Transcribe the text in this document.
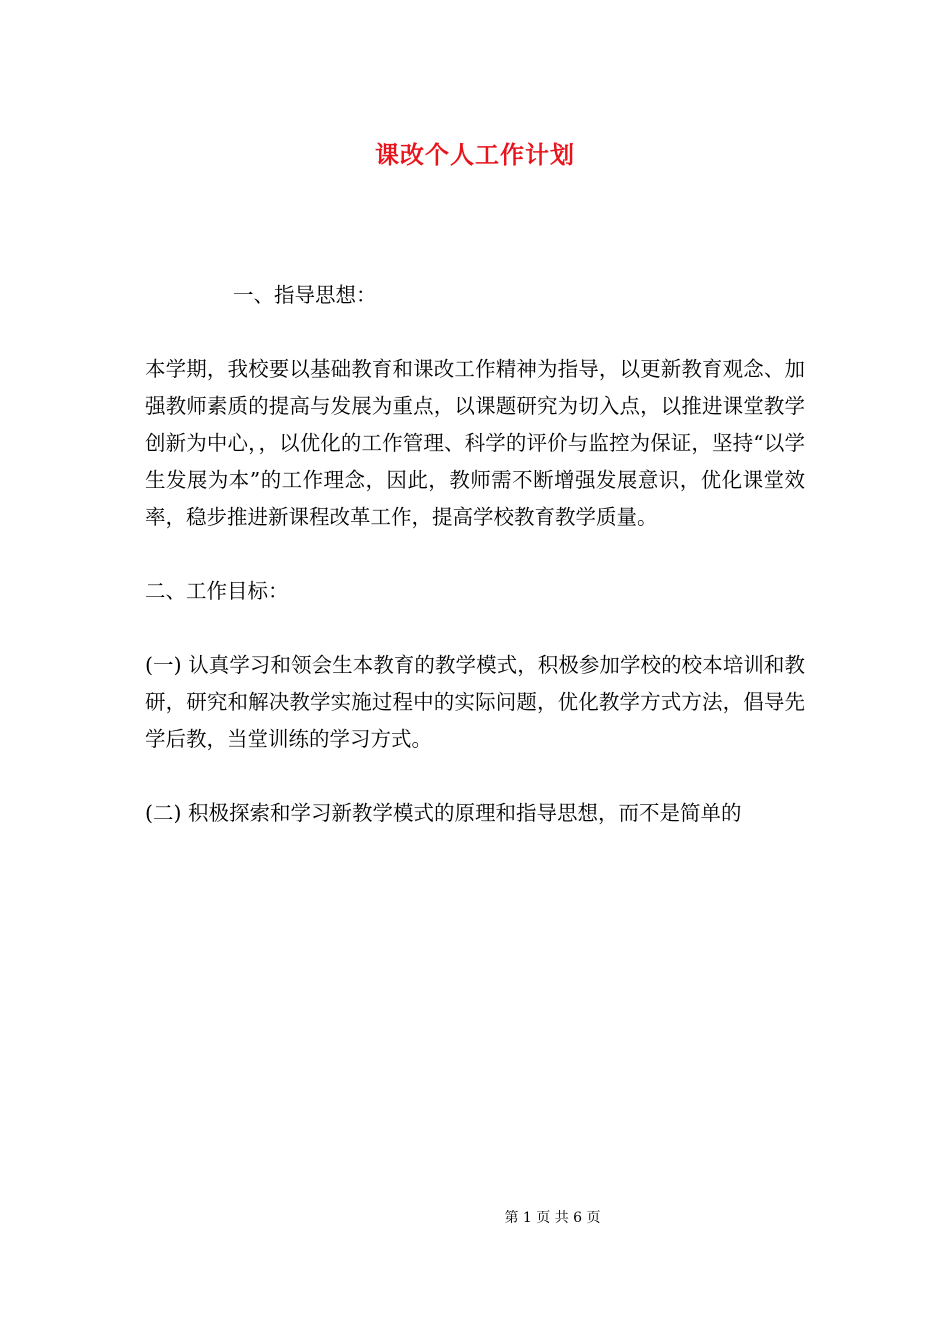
课改个人工作计划

一、指导思想：

本学期，我校要以基础教育和课改工作精神为指导，以更新教育观念、加强教师素质的提高与发展为重点，以课题研究为切入点，以推进课堂教学创新为中心，，以优化的工作管理、科学的评价与监控为保证，坚持“以学生发展为本”的工作理念，因此，教师需不断增强发展意识，优化课堂效率，稳步推进新课程改革工作，提高学校教育教学质量。

二、工作目标：

(一) 认真学习和领会生本教育的教学模式，积极参加学校的校本培训和教研，研究和解决教学实施过程中的实际问题，优化教学方式方法，倡导先学后教，当堂训练的学习方式。

(二) 积极探索和学习新教学模式的原理和指导思想，而不是简单的

第 1 页 共 6 页
